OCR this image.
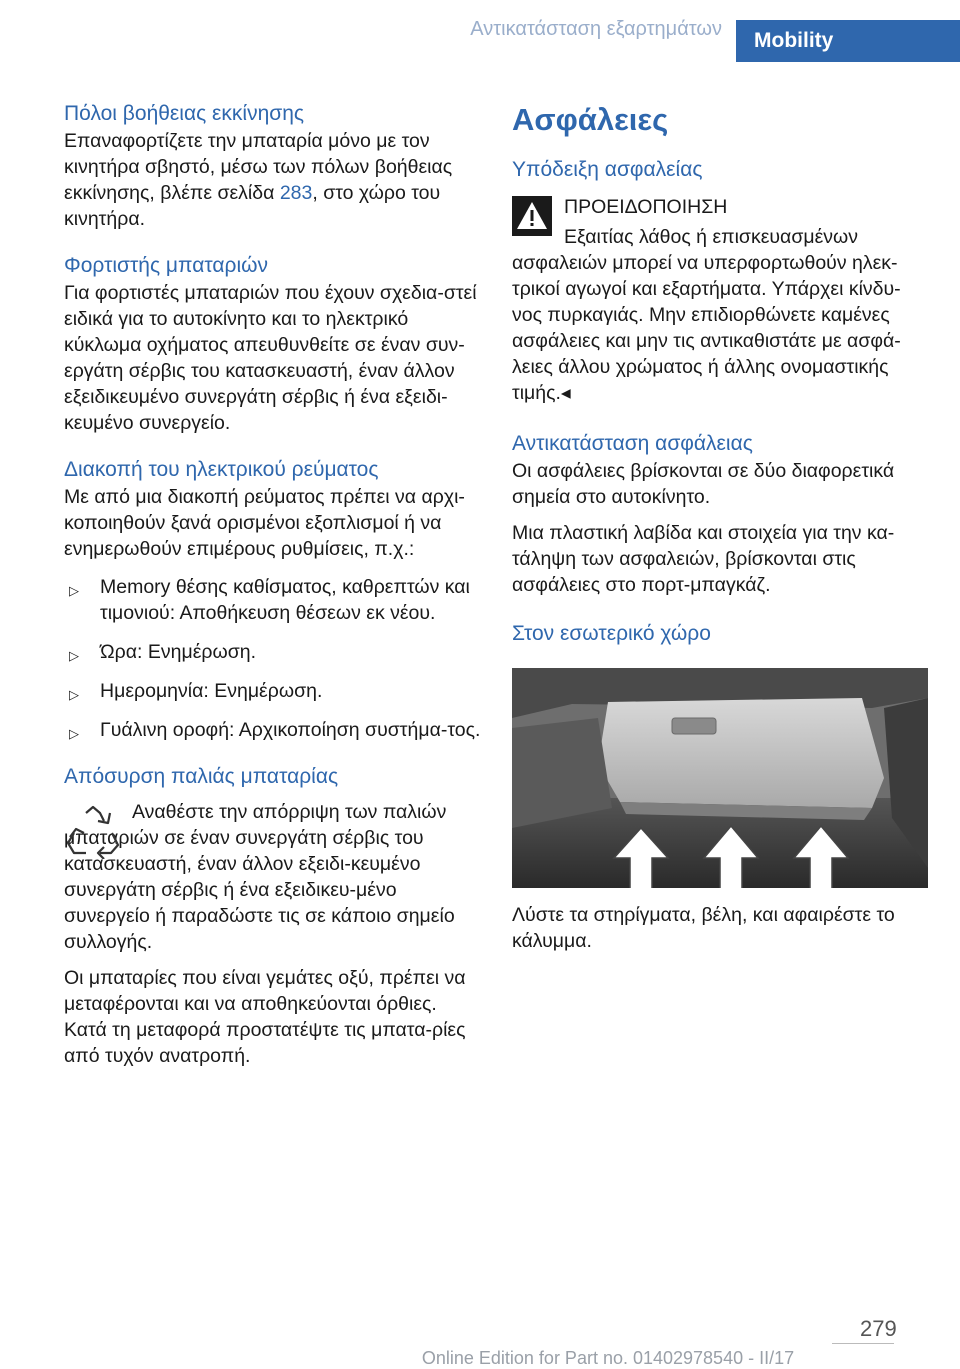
Αντικατάσταση εξαρτημάτων	Mobility
Πόλοι βοήθειας εκκίνησης

Επαναφορτίζετε την μπαταρία μόνο με τον κινητήρα σβηστό, μέσω των πόλων βοήθειας εκκίνησης, βλέπε σελίδα 283, στο χώρο του κινητήρα.

Φορτιστής μπαταριών

Για φορτιστές μπαταριών που έχουν σχεδια-στεί ειδικά για το αυτοκίνητο και το ηλεκτρικό κύκλωμα οχήματος απευθυνθείτε σε έναν συν-εργάτη σέρβις του κατασκευαστή, έναν άλλον εξειδικευμένο συνεργάτη σέρβις ή ένα εξειδι-κευμένο συνεργείο.

Διακοπή του ηλεκτρικού ρεύματος

Με από μια διακοπή ρεύματος πρέπει να αρχι-κοποιηθούν ξανά ορισμένοι εξοπλισμοί ή να ενημερωθούν επιμέρους ρυθμίσεις, π.χ.:

▷ Memory θέσης καθίσματος, καθρεπτών και τιμονιού: Αποθήκευση θέσεων εκ νέου.
▷ Ώρα: Ενημέρωση.
▷ Ημερομηνία: Ενημέρωση.
▷ Γυάλινη οροφή: Αρχικοποίηση συστήμα-τος.
Απόσυρση παλιάς μπαταρίας

Αναθέστε την απόρριψη των παλιών μπαταριών σε έναν συνεργάτη σέρβις του κατασκευαστή, έναν άλλον εξειδι-κευμένο συνεργάτη σέρβις ή ένα εξειδικευ-μένο συνεργείο ή παραδώστε τις σε κάποιο σημείο συλλογής.

Οι μπαταρίες που είναι γεμάτες οξύ, πρέπει να μεταφέρονται και να αποθηκεύονται όρθιες. Κατά τη μεταφορά προστατέψτε τις μπατα-ρίες από τυχόν ανατροπή.

Ασφάλειες
Υπόδειξη ασφαλείας

ΠΡΟΕΙΔΟΠΟΙΗΣΗ

Εξαιτίας λάθος ή επισκευασμένων ασφαλειών μπορεί να υπερφορτωθούν ηλεκ-τρικοί αγωγοί και εξαρτήματα. Υπάρχει κίνδυ-νος πυρκαγιάς. Μην επιδιορθώνετε καμένες ασφάλειες και μην τις αντικαθιστάτε με ασφά-λειες άλλου χρώματος ή άλλης ονομαστικής τιμής.◂

Αντικατάσταση ασφάλειας

Οι ασφάλειες βρίσκονται σε δύο διαφορετικά σημεία στο αυτοκίνητο.

Μια πλαστική λαβίδα και στοιχεία για την κα-τάληψη των ασφαλειών, βρίσκονται στις ασφάλειες στο πορτ-μπαγκάζ.

Στον εσωτερικό χώρο

Λύστε τα στηρίγματα, βέλη, και αφαιρέστε το κάλυμμα.

279
Online Edition for Part no. 01402978540 - II/17
